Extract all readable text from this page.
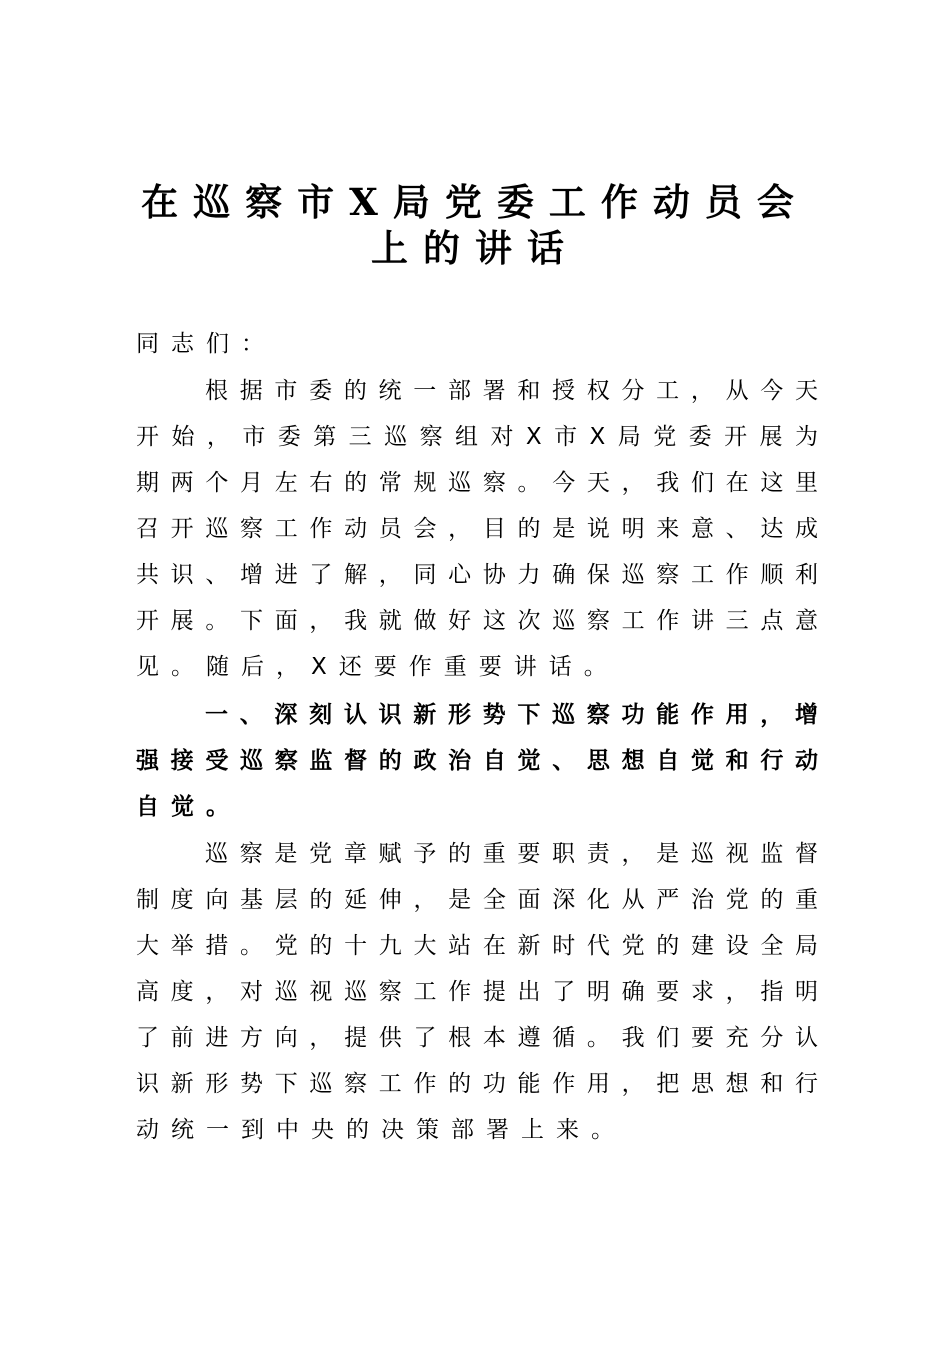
在巡察市X局党委工作动员会
上的讲话
同志们：
根据市委的统一部署和授权分工，从今天
开始，市委第三巡察组对X市X局党委开展为
期两个月左右的常规巡察。今天，我们在这里
召开巡察工作动员会，目的是说明来意、达成
共识、增进了解，同心协力确保巡察工作顺利
开展。下面，我就做好这次巡察工作讲三点意
见。随后，X还要作重要讲话。
一、深刻认识新形势下巡察功能作用，增
强接受巡察监督的政治自觉、思想自觉和行动
自觉。
巡察是党章赋予的重要职责，是巡视监督
制度向基层的延伸，是全面深化从严治党的重
大举措。党的十九大站在新时代党的建设全局
高度，对巡视巡察工作提出了明确要求，指明
了前进方向，提供了根本遵循。我们要充分认
识新形势下巡察工作的功能作用，把思想和行
动统一到中央的决策部署上来。
